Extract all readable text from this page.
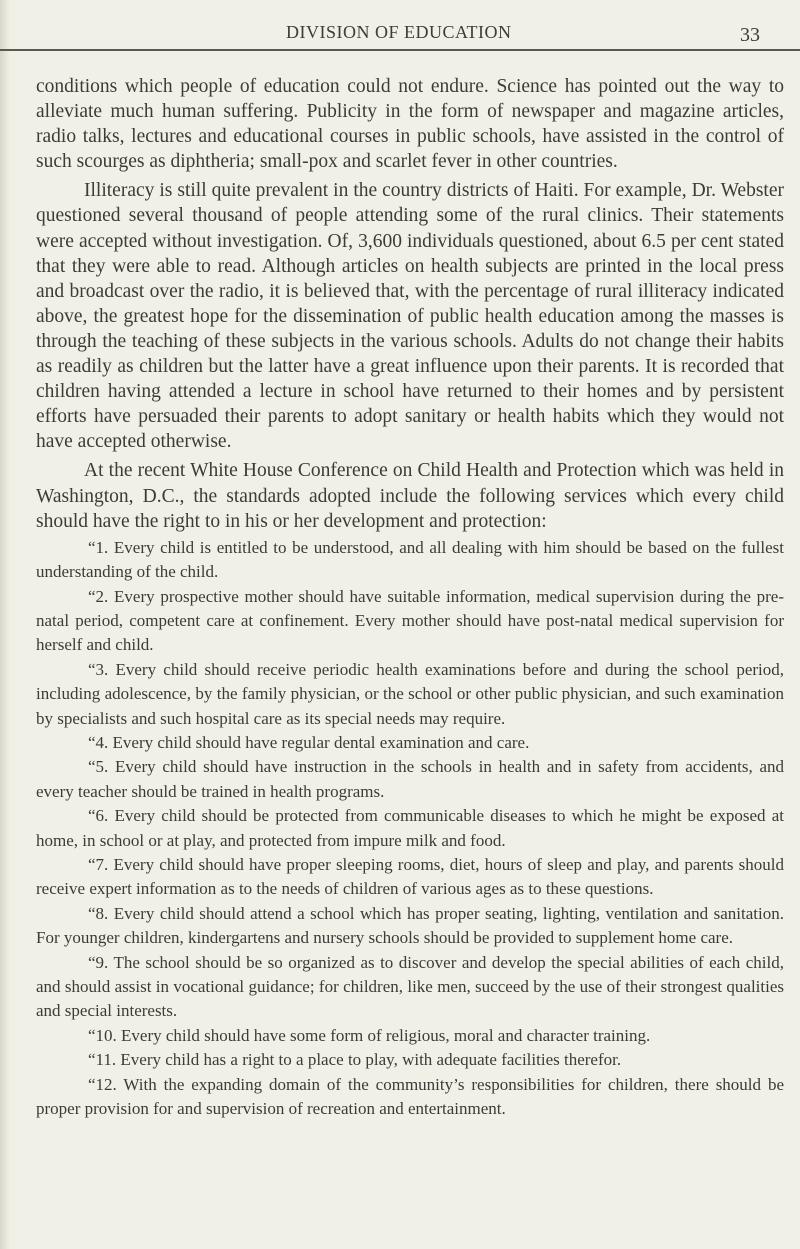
DIVISION OF EDUCATION	33

conditions which people of education could not endure. Science has pointed out the way to alleviate much human suffering. Publicity in the form of newspaper and magazine articles, radio talks, lectures and educational courses in public schools, have assisted in the control of such scourges as diphtheria; small-pox and scarlet fever in other countries.

Illiteracy is still quite prevalent in the country districts of Haiti. For example, Dr. Webster questioned several thousand of people attending some of the rural clinics. Their statements were accepted without investigation. Of, 3,600 individuals questioned, about 6.5 per cent stated that they were able to read. Although articles on health subjects are printed in the local press and broadcast over the radio, it is believed that, with the percentage of rural illiteracy indicated above, the greatest hope for the dissemination of public health education among the masses is through the teaching of these subjects in the various schools. Adults do not change their habits as readily as children but the latter have a great influence upon their parents. It is recorded that children having attended a lecture in school have returned to their homes and by persistent efforts have persuaded their parents to adopt sanitary or health habits which they would not have accepted otherwise.

At the recent White House Conference on Child Health and Protection which was held in Washington, D.C., the standards adopted include the following services which every child should have the right to in his or her development and protection:

“1. Every child is entitled to be understood, and all dealing with him should be based on the fullest understanding of the child.

“2. Every prospective mother should have suitable information, medical supervision during the pre-natal period, competent care at confinement. Every mother should have post-natal medical supervision for herself and child.

“3. Every child should receive periodic health examinations before and during the school period, including adolescence, by the family physician, or the school or other public physician, and such examination by specialists and such hospital care as its special needs may require.

“4. Every child should have regular dental examination and care.

“5. Every child should have instruction in the schools in health and in safety from accidents, and every teacher should be trained in health programs.

“6. Every child should be protected from communicable diseases to which he might be exposed at home, in school or at play, and protected from impure milk and food.

“7. Every child should have proper sleeping rooms, diet, hours of sleep and play, and parents should receive expert information as to the needs of children of various ages as to these questions.

“8. Every child should attend a school which has proper seating, lighting, ventilation and sanitation. For younger children, kindergartens and nursery schools should be provided to supplement home care.

“9. The school should be so organized as to discover and develop the special abilities of each child, and should assist in vocational guidance; for children, like men, succeed by the use of their strongest qualities and special interests.

“10. Every child should have some form of religious, moral and character training.

“11. Every child has a right to a place to play, with adequate facilities therefor.

“12. With the expanding domain of the community’s responsibilities for children, there should be proper provision for and supervision of recreation and entertainment.
